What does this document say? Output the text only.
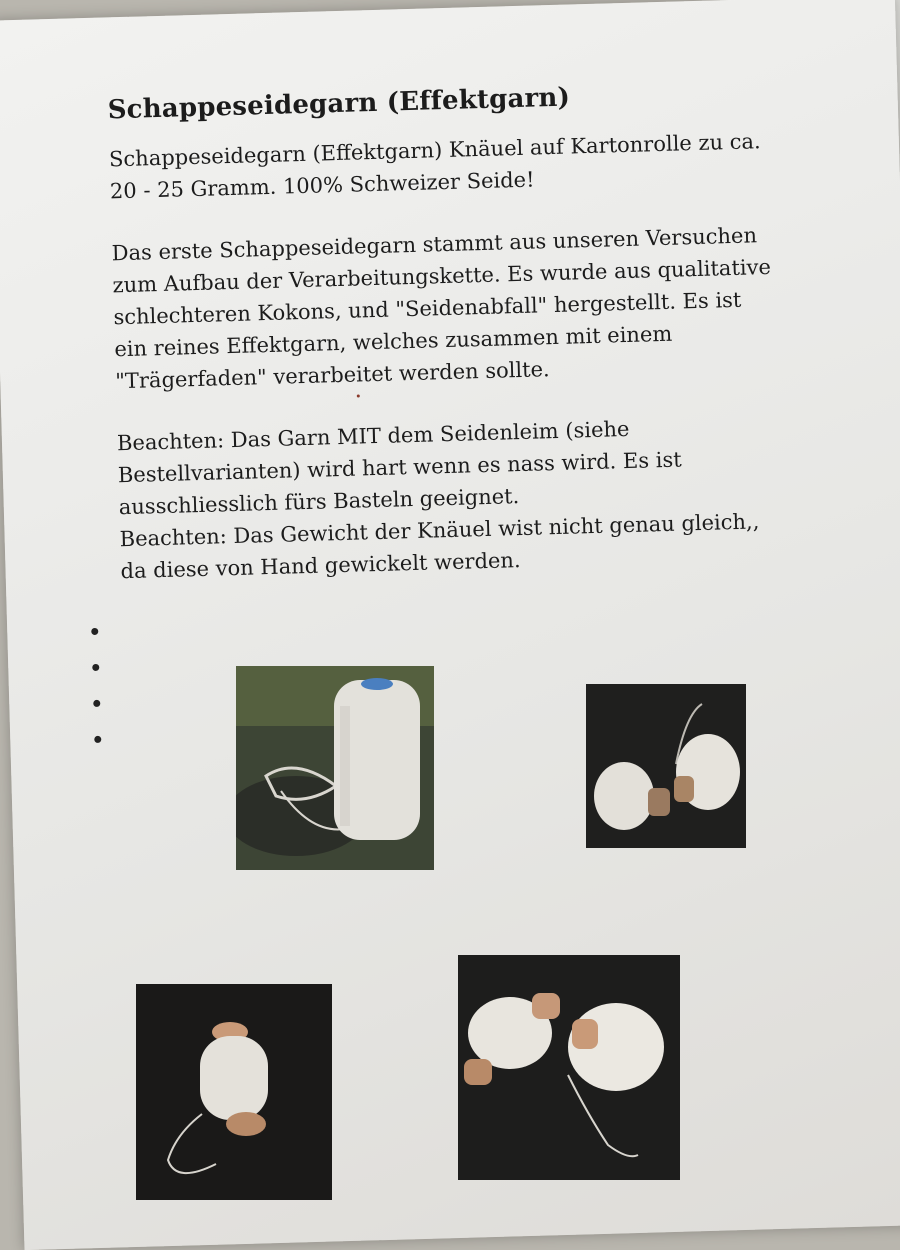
Schappeseidegarn (Effektgarn)

Schappeseidegarn (Effektgarn) Knäuel auf Kartonrolle zu ca. 20 - 25 Gramm. 100% Schweizer Seide!

Das erste Schappeseidegarn stammt aus unseren Versuchen zum Aufbau der Verarbeitungskette. Es wurde aus qualitative schlechteren Kokons, und "Seidenabfall" hergestellt. Es ist ein reines Effektgarn, welches zusammen mit einem "Trägerfaden" verarbeitet werden sollte.

Beachten: Das Garn MIT dem Seidenleim (siehe Bestellvarianten) wird hart wenn es nass wird. Es ist ausschliesslich fürs Basteln geeignet.

Beachten: Das Gewicht der Knäuel wist nicht genau gleich,, da diese von Hand gewickelt werden.
